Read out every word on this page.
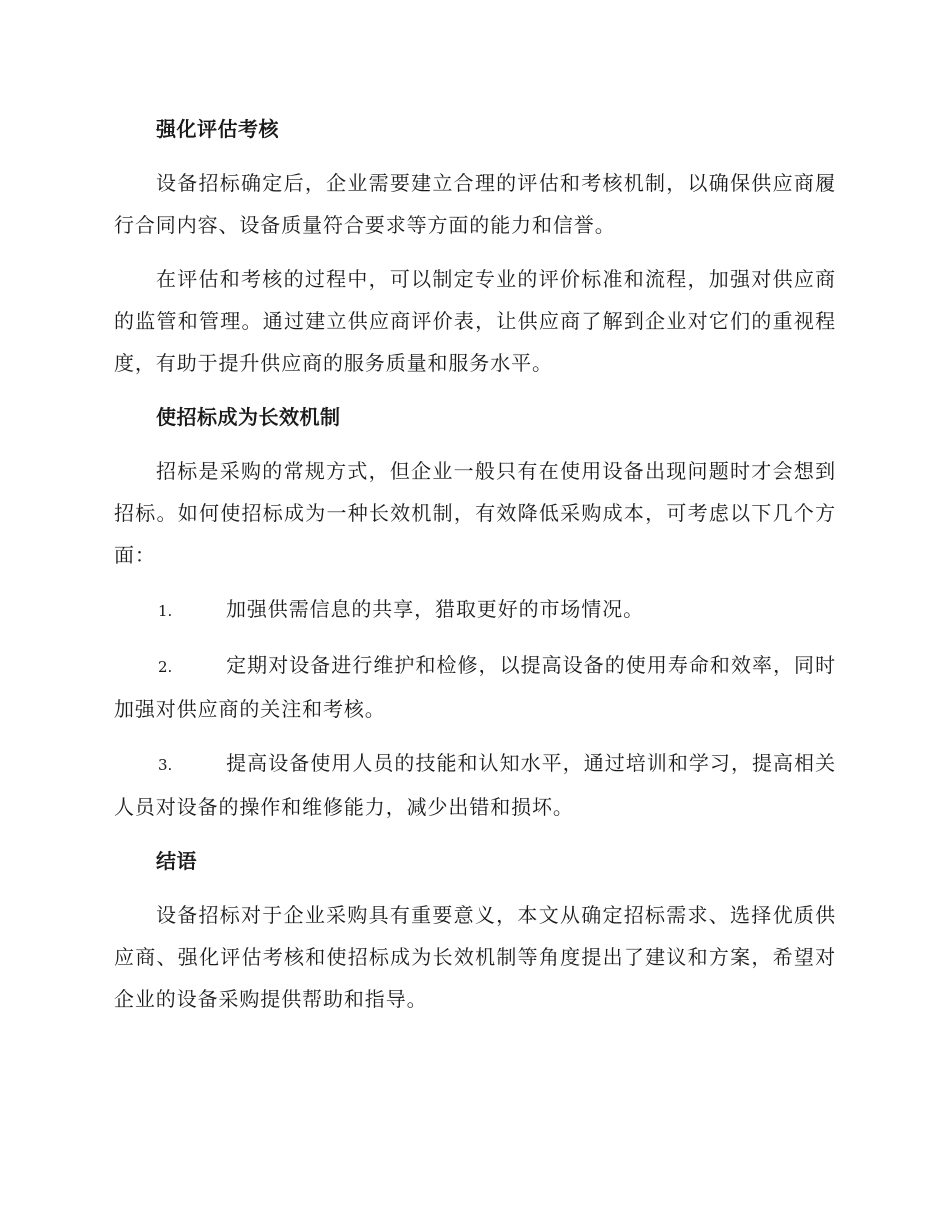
强化评估考核

设备招标确定后，企业需要建立合理的评估和考核机制，以确保供应商履行合同内容、设备质量符合要求等方面的能力和信誉。

在评估和考核的过程中，可以制定专业的评价标准和流程，加强对供应商的监管和管理。通过建立供应商评价表，让供应商了解到企业对它们的重视程度，有助于提升供应商的服务质量和服务水平。

使招标成为长效机制

招标是采购的常规方式，但企业一般只有在使用设备出现问题时才会想到招标。如何使招标成为一种长效机制，有效降低采购成本，可考虑以下几个方面：

1.	加强供需信息的共享，猎取更好的市场情况。

2.	定期对设备进行维护和检修，以提高设备的使用寿命和效率，同时加强对供应商的关注和考核。

3.	提高设备使用人员的技能和认知水平，通过培训和学习，提高相关人员对设备的操作和维修能力，减少出错和损坏。

结语

设备招标对于企业采购具有重要意义，本文从确定招标需求、选择优质供应商、强化评估考核和使招标成为长效机制等角度提出了建议和方案，希望对企业的设备采购提供帮助和指导。
